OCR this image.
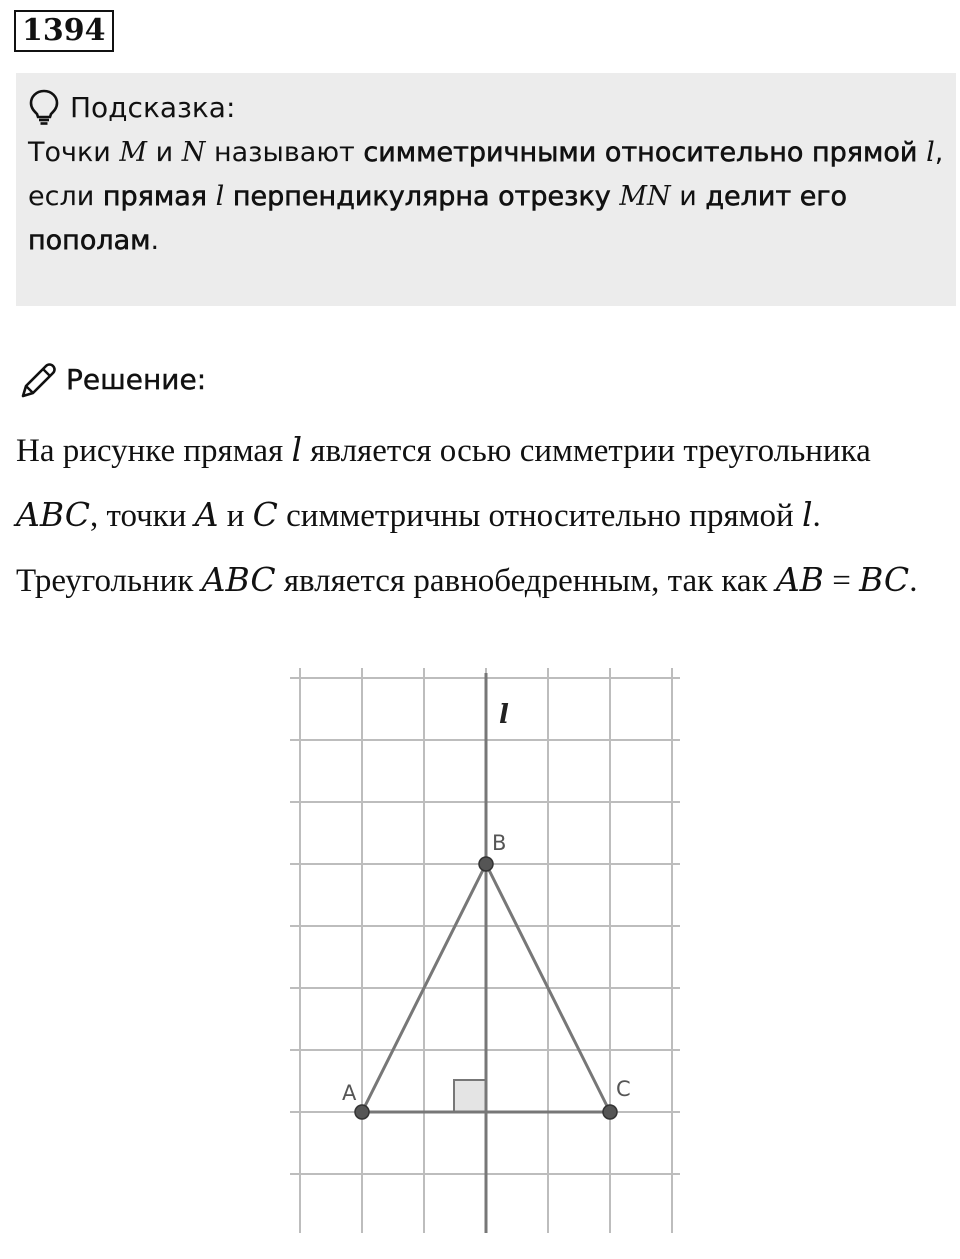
1394
Подсказка:
Точки M и N называют симметричными относительно прямой l, если прямая l перпендикулярна отрезку MN и делит его пополам.
Решение:
На рисунке прямая l является осью симметрии треугольника ABC, точки A и C симметричны относительно прямой l. Треугольник ABC является равнобедренным, так как AB = BC.
l
A
B
C
